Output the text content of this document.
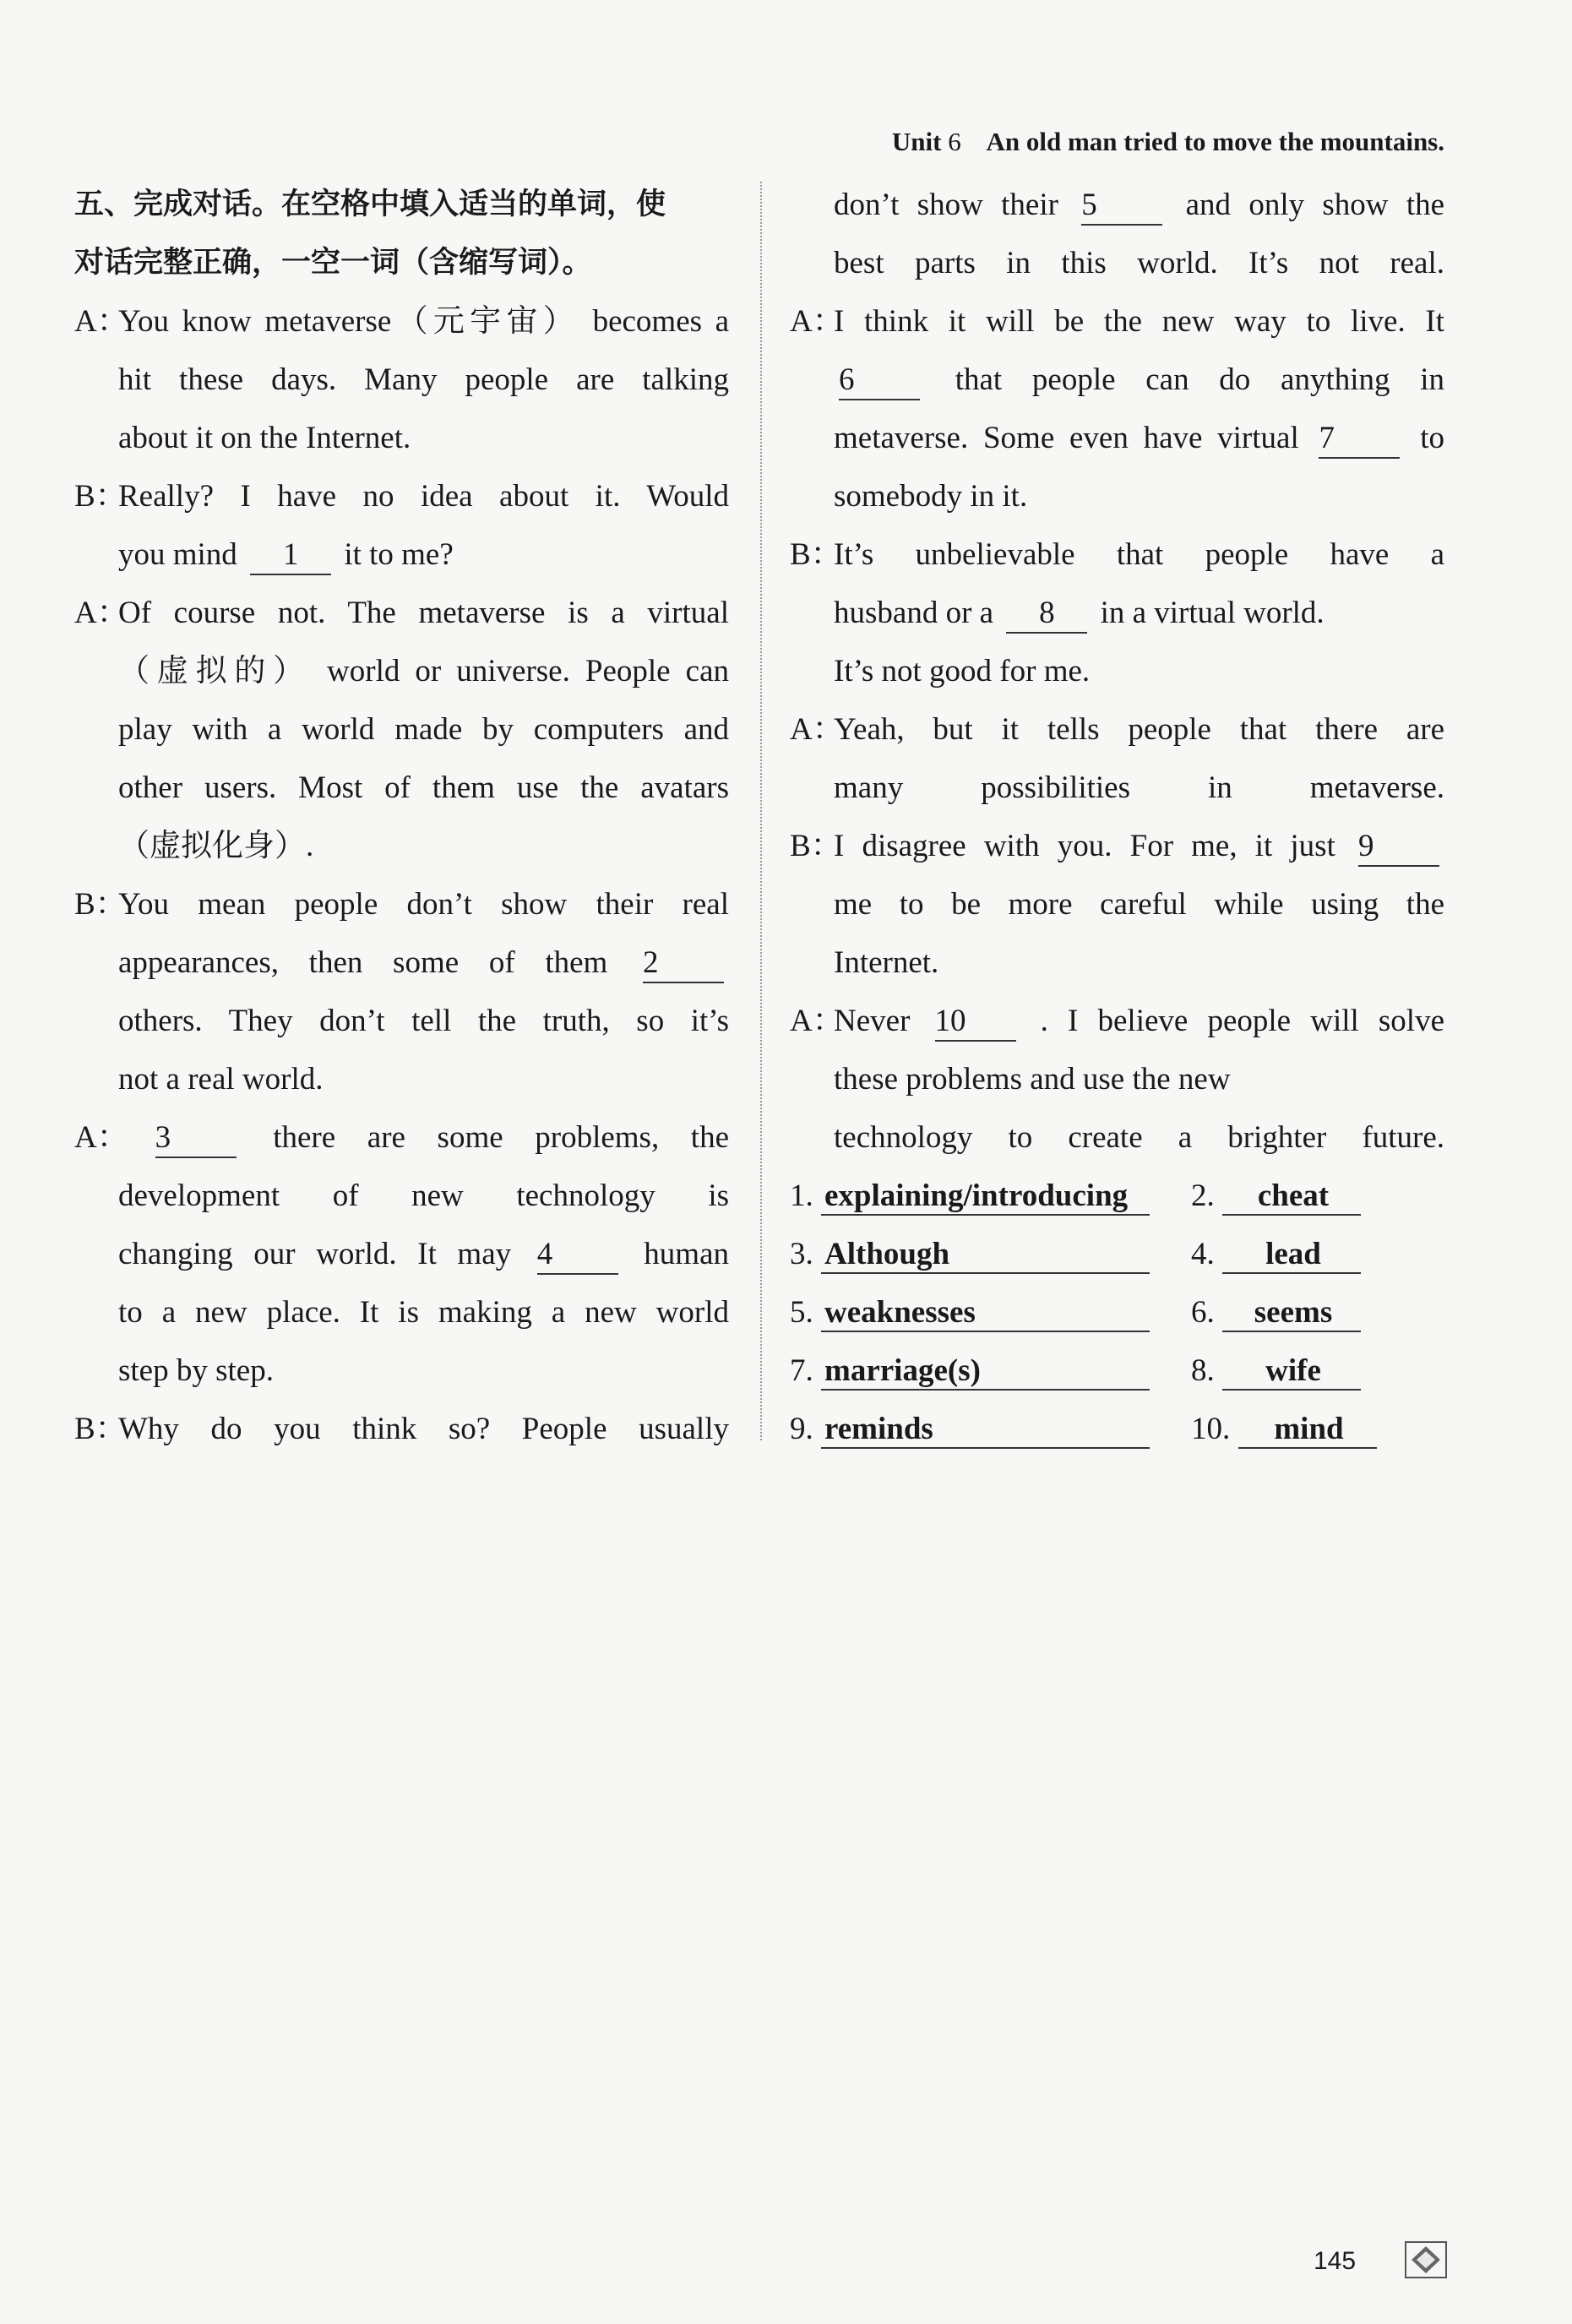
Unit 6 An old man tried to move the mountains.
五、完成对话。在空格中填入适当的单词，使
对话完整正确，一空一词（含缩写词）。
A：You know metaverse（元宇宙） becomes a
hit these days. Many people are talking
about it on the Internet.
B：Really? I have no idea about it. Would
you mind 1 it to me?
A：Of course not. The metaverse is a virtual
（虚拟的） world or universe. People can
play with a world made by computers and
other users. Most of them use the avatars
（虚拟化身）.
B：You mean people don’t show their real
appearances, then some of them 2
others. They don’t tell the truth, so it’s
not a real world.
A： 3	there are some problems, the
development of new technology is
changing our world. It may 4	human
to a new place. It is making a new world
step by step.
B：Why do you think so? People usually
don’t show their 5	and only show the
best parts in this world. It’s not real.
A：I think it will be the new way to live. It
6	that people can do anything in
metaverse. Some even have virtual 7	to
somebody in it.
B：It’s unbelievable that people have a
husband or a 8 in a virtual world.
It’s not good for me.
A：Yeah, but it tells people that there are
many possibilities in metaverse.
B：I disagree with you. For me, it just 9
me to be more careful while using the
Internet.
A：Never 10 . I believe people will solve
these problems and use the new
technology to create a brighter future.
1. explaining/introducing	2. cheat
3. Although	4. lead
5. weaknesses	6. seems
7. marriage(s)	8. wife
9. reminds	10. mind
145
